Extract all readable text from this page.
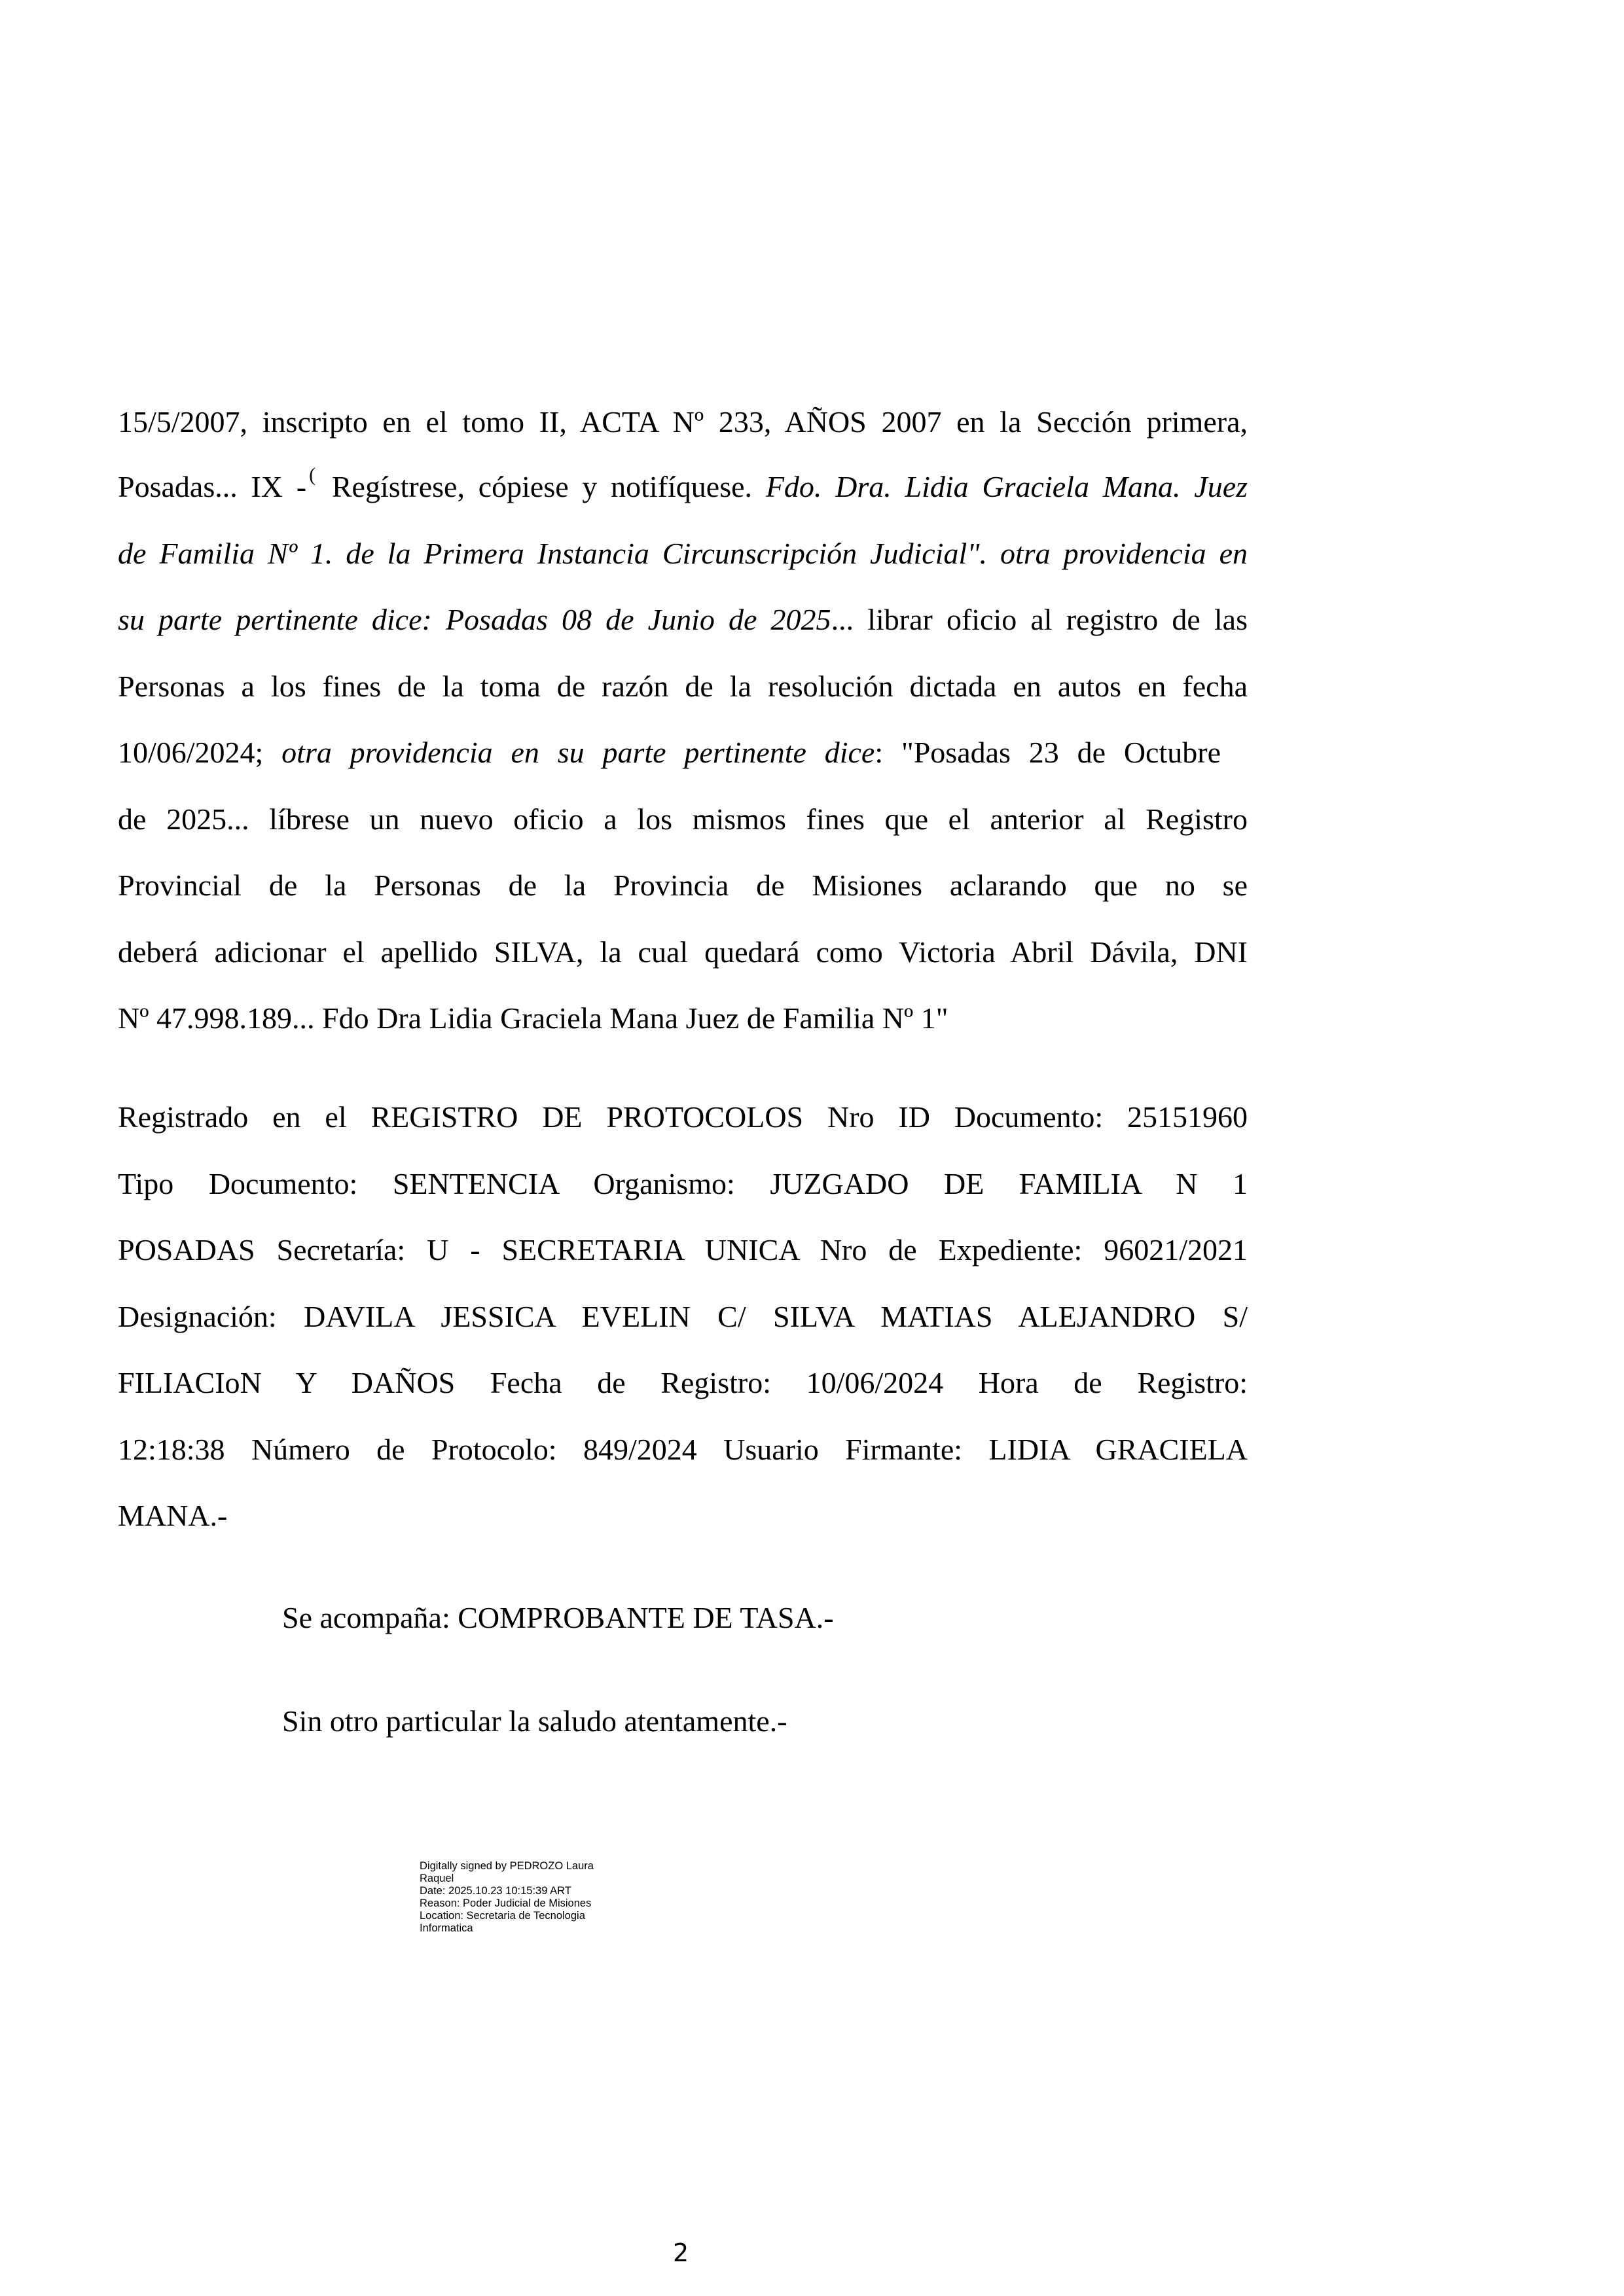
15/5/2007, inscripto en el tomo II, ACTA Nº 233, AÑOS 2007 en la Sección primera,
Posadas... IX - ( Regístrese, cópiese y notifíquese. Fdo. Dra. Lidia Graciela Mana. Juez
de Familia Nº 1. de la Primera Instancia Circunscripción Judicial". otra providencia en
su parte pertinente dice: Posadas 08 de Junio de 2025... librar oficio al registro de las
Personas a los fines de la toma de razón de la resolución dictada en autos en fecha
10/06/2024; otra providencia en su parte pertinente dice: "Posadas 23 de Octubre
de 2025... líbrese un nuevo oficio a los mismos fines que el anterior al Registro
Provincial de la Personas de la Provincia de Misiones aclarando que no se
deberá adicionar el apellido SILVA, la cual quedará como Victoria Abril Dávila, DNI
Nº 47.998.189... Fdo Dra Lidia Graciela Mana Juez de Familia Nº 1"
Registrado en el REGISTRO DE PROTOCOLOS Nro ID Documento: 25151960
Tipo Documento: SENTENCIA Organismo: JUZGADO DE FAMILIA N 1
POSADAS Secretaría: U - SECRETARIA UNICA Nro de Expediente: 96021/2021
Designación: DAVILA JESSICA EVELIN C/ SILVA MATIAS ALEJANDRO S/
FILIACIoN Y DAÑOS Fecha de Registro: 10/06/2024 Hora de Registro:
12:18:38 Número de Protocolo: 849/2024 Usuario Firmante: LIDIA GRACIELA
MANA.-
Se acompaña: COMPROBANTE DE TASA.-
Sin otro particular la saludo atentamente.-
Digitally signed by PEDROZO Laura
Raquel
Date: 2025.10.23 10:15:39 ART
Reason: Poder Judicial de Misiones
Location: Secretaria de Tecnologia
Informatica
2
